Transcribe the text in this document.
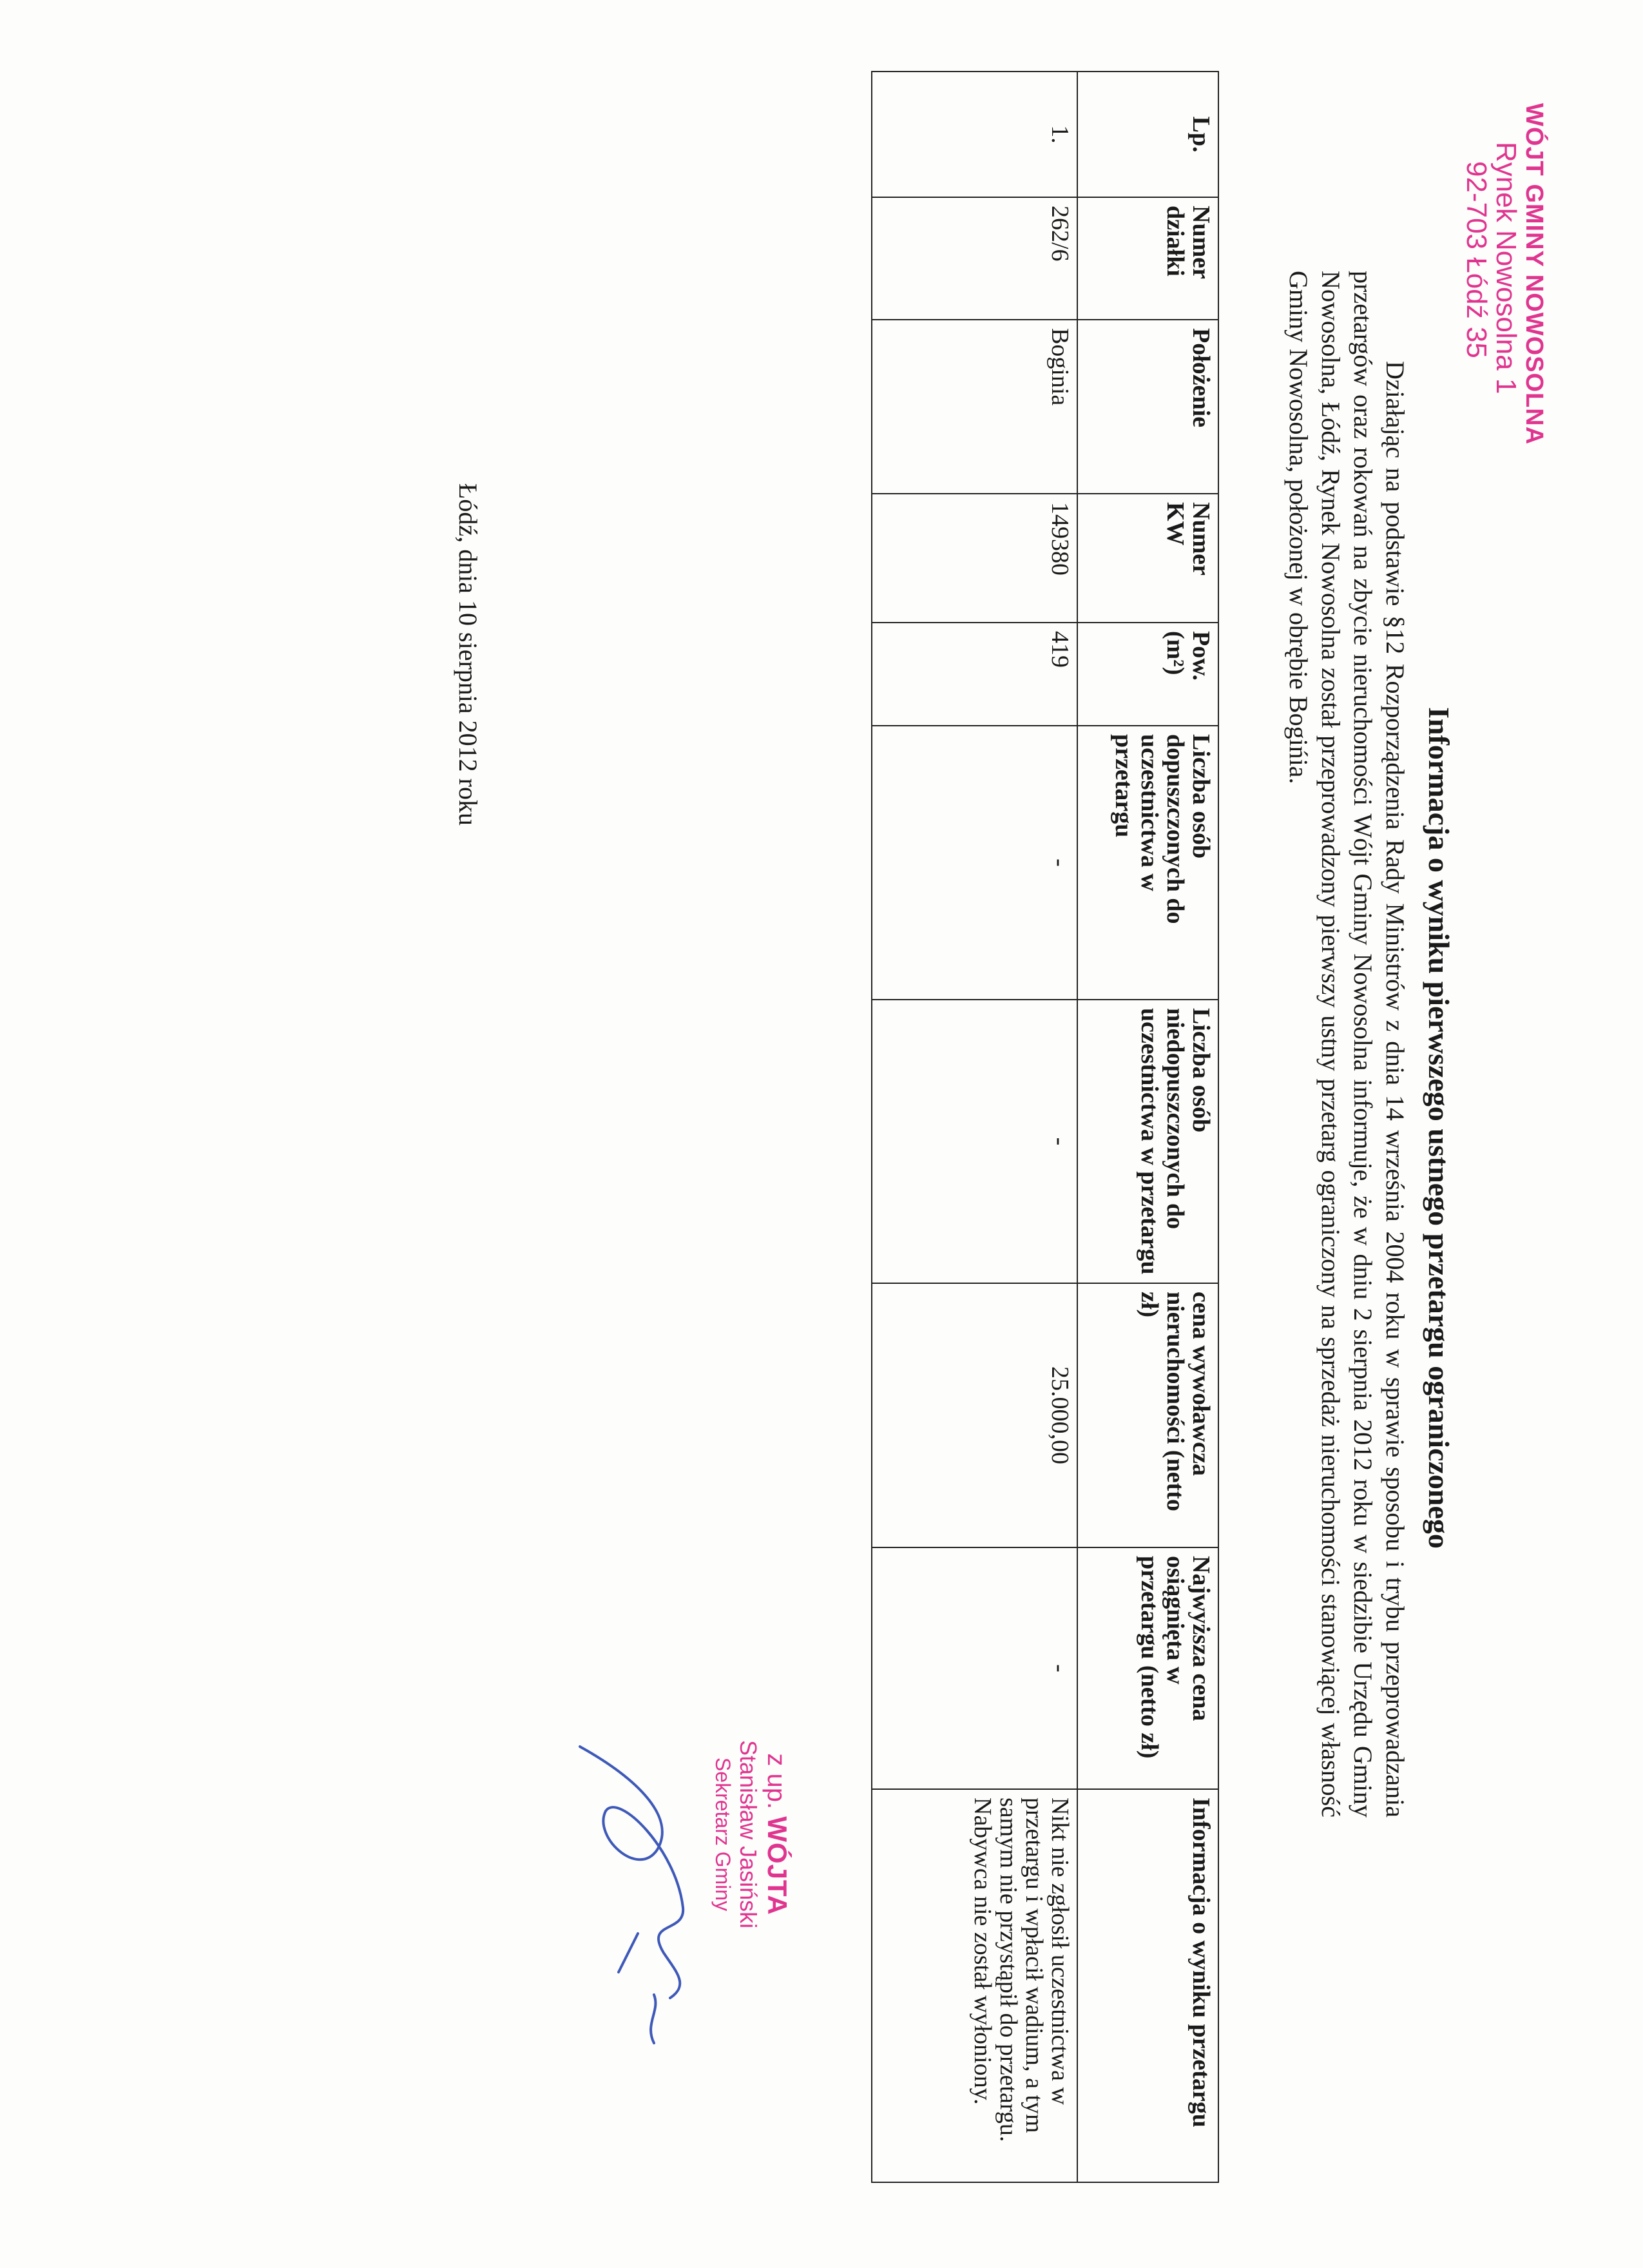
WÓJT GMINY NOWOSOLNA
Rynek Nowosolna 1
92-703 Łódź 35
Informacja o wyniku pierwszego ustnego przetargu ograniczonego
Działając na podstawie §12 Rozporządzenia Rady Ministrów z dnia 14 września 2004 roku w sprawie sposobu i trybu przeprowadzania przetargów oraz rokowań na zbycie nieruchomości Wójt Gminy Nowosolna informuje, że w dniu 2 sierpnia 2012 roku w siedzibie Urzędu Gminy Nowosolna, Łódź, Rynek Nowosolna został przeprowadzony pierwszy ustny przetarg ograniczony na sprzedaż nieruchomości stanowiącej własność Gminy Nowosolna, położonej w obrębie Bogińia.
Lp.	Numer działki	Położenie	Numer KW	Pow. (m²)	Liczba osób dopuszczonych do uczestnictwa w przetargu	Liczba osób niedopuszczonych do uczestnictwa w przetargu	cena wywoławcza nieruchomości (netto zł)	Najwyższa cena osiągnięta w przetargu (netto zł)	Informacja o wyniku przetargu
1.	262/6	Boginia	149380	419	-	-	25.000,00	-	Nikt nie zgłosił uczestnictwa w przetargu i wpłacił wadium, a tym samym nie przystąpił do przetargu. Nabywca nie został wyłoniony.
Łódź, dnia 10 sierpnia 2012 roku
z up. WÓJTA
Stanisław Jasiński
Sekretarz Gminy
